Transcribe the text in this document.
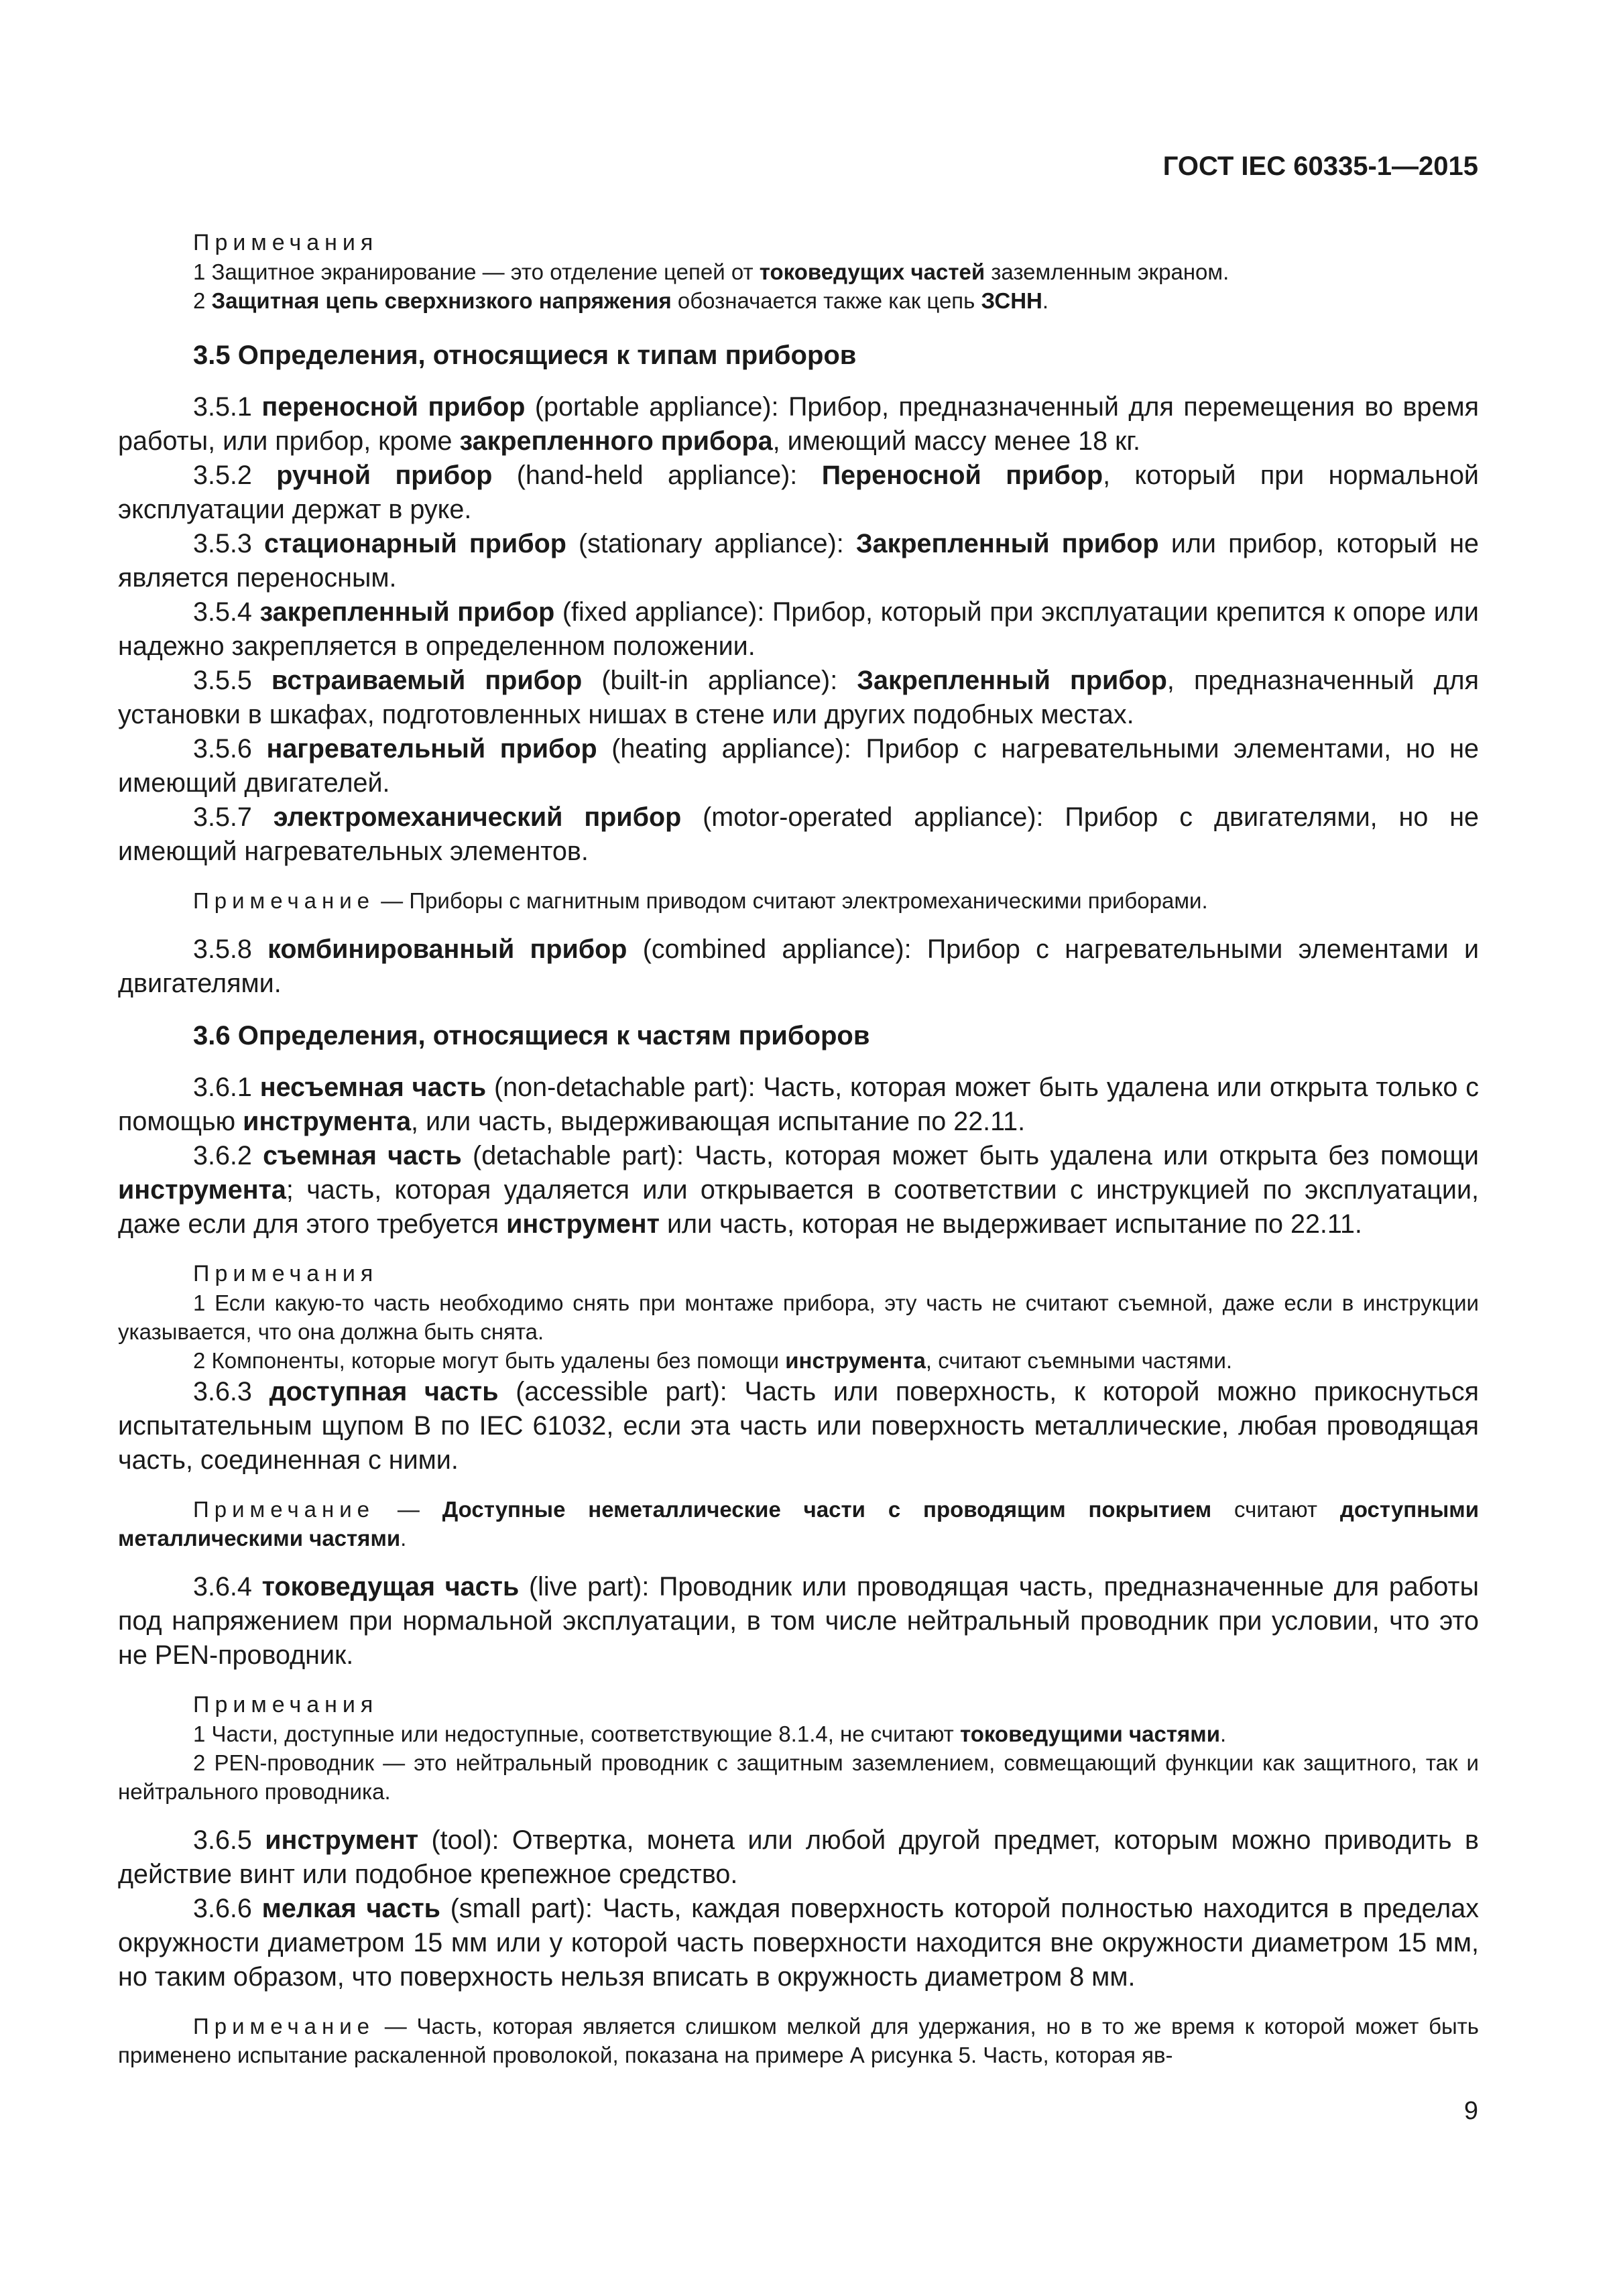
ГОСТ IEC 60335-1—2015

Примечания

1 Защитное экранирование — это отделение цепей от токоведущих частей заземленным экраном.

2 Защитная цепь сверхнизкого напряжения обозначается также как цепь ЗСНН.

3.5 Определения, относящиеся к типам приборов

3.5.1 переносной прибор (portable appliance): Прибор, предназначенный для перемещения во время работы, или прибор, кроме закрепленного прибора, имеющий массу менее 18 кг.

3.5.2 ручной прибор (hand-held appliance): Переносной прибор, который при нормальной эксплуатации держат в руке.

3.5.3 стационарный прибор (stationary appliance): Закрепленный прибор или прибор, который не является переносным.

3.5.4 закрепленный прибор (fixed appliance): Прибор, который при эксплуатации крепится к опоре или надежно закрепляется в определенном положении.

3.5.5 встраиваемый прибор (built-in appliance): Закрепленный прибор, предназначенный для установки в шкафах, подготовленных нишах в стене или других подобных местах.

3.5.6 нагревательный прибор (heating appliance): Прибор с нагревательными элементами, но не имеющий двигателей.

3.5.7 электромеханический прибор (motor-operated appliance): Прибор с двигателями, но не имеющий нагревательных элементов.

Примечание — Приборы с магнитным приводом считают электромеханическими приборами.

3.5.8 комбинированный прибор (combined appliance): Прибор с нагревательными элементами и двигателями.

3.6 Определения, относящиеся к частям приборов

3.6.1 несъемная часть (non-detachable part): Часть, которая может быть удалена или открыта только с помощью инструмента, или часть, выдерживающая испытание по 22.11.

3.6.2 съемная часть (detachable part): Часть, которая может быть удалена или открыта без помощи инструмента; часть, которая удаляется или открывается в соответствии с инструкцией по эксплуатации, даже если для этого требуется инструмент или часть, которая не выдерживает испытание по 22.11.

Примечания

1 Если какую-то часть необходимо снять при монтаже прибора, эту часть не считают съемной, даже если в инструкции указывается, что она должна быть снята.

2 Компоненты, которые могут быть удалены без помощи инструмента, считают съемными частями.

3.6.3 доступная часть (accessible part): Часть или поверхность, к которой можно прикоснуться испытательным щупом В по IEC 61032, если эта часть или поверхность металлические, любая проводящая часть, соединенная с ними.

Примечание — Доступные неметаллические части с проводящим покрытием считают доступными металлическими частями.

3.6.4 токоведущая часть (live part): Проводник или проводящая часть, предназначенные для работы под напряжением при нормальной эксплуатации, в том числе нейтральный проводник при условии, что это не PEN-проводник.

Примечания

1 Части, доступные или недоступные, соответствующие 8.1.4, не считают токоведущими частями.

2 PEN-проводник — это нейтральный проводник с защитным заземлением, совмещающий функции как защитного, так и нейтрального проводника.

3.6.5 инструмент (tool): Отвертка, монета или любой другой предмет, которым можно приводить в действие винт или подобное крепежное средство.

3.6.6 мелкая часть (small part): Часть, каждая поверхность которой полностью находится в пределах окружности диаметром 15 мм или у которой часть поверхности находится вне окружности диаметром 15 мм, но таким образом, что поверхность нельзя вписать в окружность диаметром 8 мм.

Примечание — Часть, которая является слишком мелкой для удержания, но в то же время к которой может быть применено испытание раскаленной проволокой, показана на примере А рисунка 5. Часть, которая яв-

9
